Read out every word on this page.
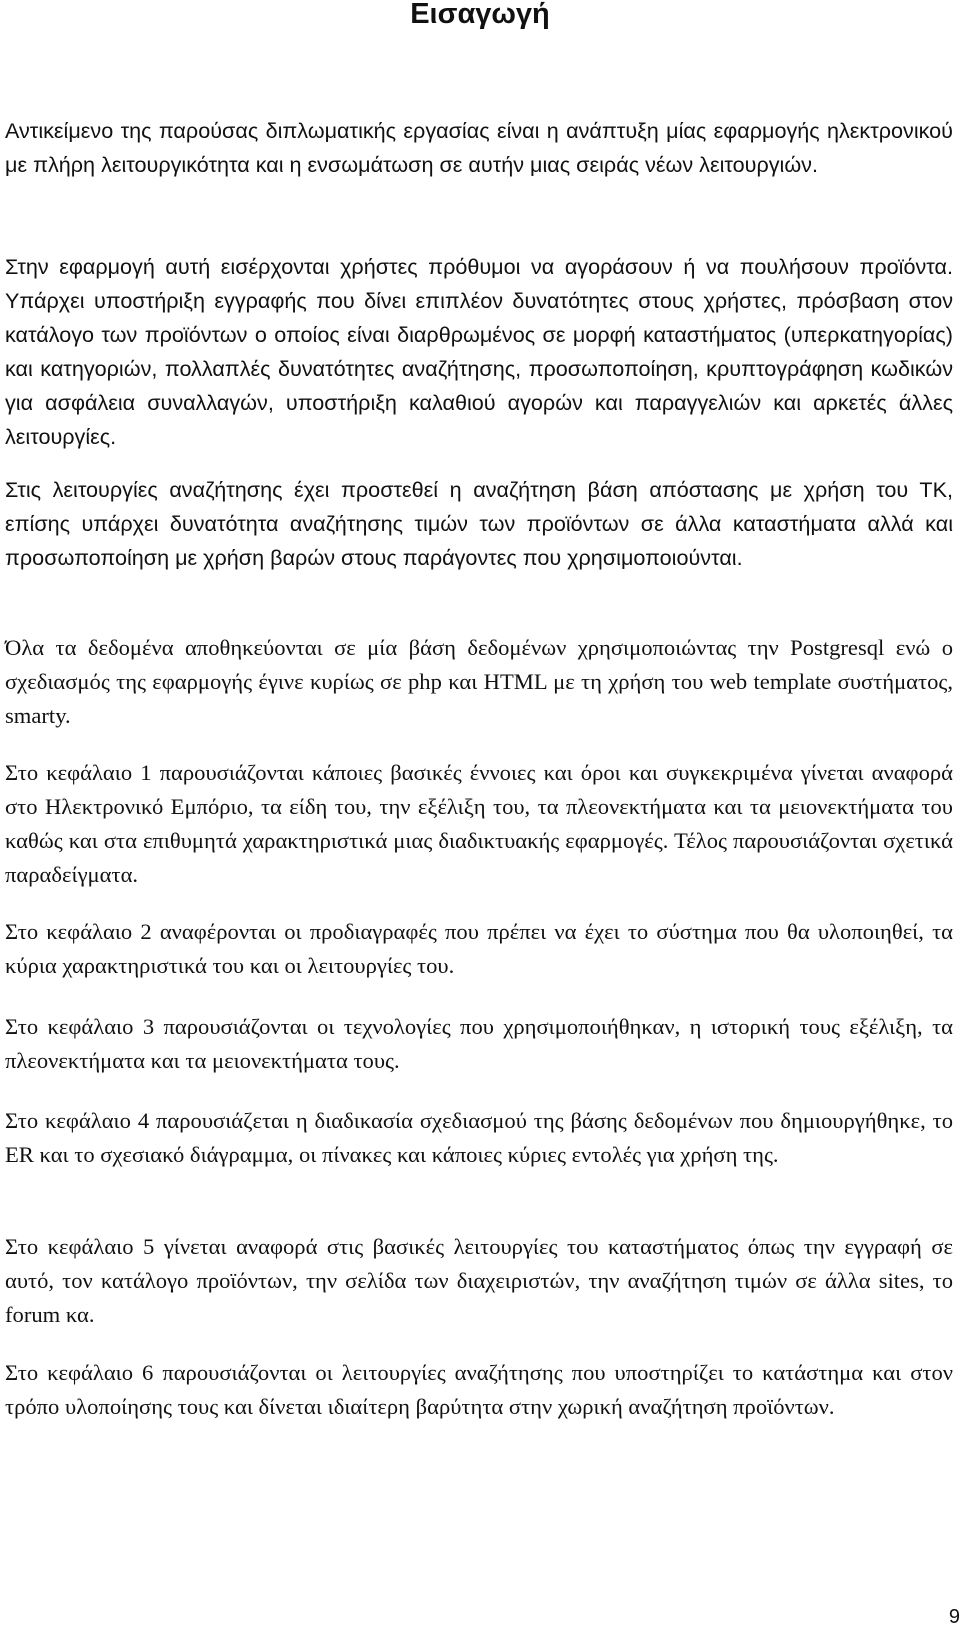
Εισαγωγή

Αντικείμενο της παρούσας διπλωματικής εργασίας είναι η ανάπτυξη μίας εφαρμογής ηλεκτρονικού με πλήρη λειτουργικότητα και η ενσωμάτωση σε αυτήν μιας σειράς νέων λειτουργιών.

Στην εφαρμογή αυτή εισέρχονται χρήστες πρόθυμοι να αγοράσουν ή να πουλήσουν προϊόντα. Υπάρχει υποστήριξη εγγραφής που δίνει επιπλέον δυνατότητες στους χρήστες, πρόσβαση στον κατάλογο των προϊόντων ο οποίος είναι διαρθρωμένος σε μορφή καταστήματος (υπερκατηγορίας) και κατηγοριών, πολλαπλές δυνατότητες αναζήτησης, προσωποποίηση, κρυπτογράφηση κωδικών για ασφάλεια συναλλαγών, υποστήριξη καλαθιού αγορών και παραγγελιών και αρκετές άλλες λειτουργίες.

Στις λειτουργίες αναζήτησης έχει προστεθεί η αναζήτηση βάση απόστασης με χρήση του ΤΚ, επίσης υπάρχει δυνατότητα αναζήτησης τιμών των προϊόντων σε άλλα καταστήματα αλλά και προσωποποίηση με χρήση βαρών στους παράγοντες που χρησιμοποιούνται.

Όλα τα δεδομένα αποθηκεύονται σε μία βάση δεδομένων χρησιμοποιώντας την Postgresql ενώ ο σχεδιασμός της εφαρμογής έγινε κυρίως σε php και HTML με τη χρήση του web template συστήματος, smarty.

Στο κεφάλαιο 1 παρουσιάζονται κάποιες βασικές έννοιες και όροι και συγκεκριμένα γίνεται αναφορά στο Ηλεκτρονικό Εμπόριο, τα είδη του, την εξέλιξη του, τα πλεονεκτήματα και τα μειονεκτήματα του καθώς και στα επιθυμητά χαρακτηριστικά μιας διαδικτυακής εφαρμογές. Τέλος παρουσιάζονται σχετικά παραδείγματα.

Στο κεφάλαιο 2 αναφέρονται οι προδιαγραφές που πρέπει να έχει το σύστημα που θα υλοποιηθεί, τα κύρια χαρακτηριστικά του και οι λειτουργίες του.

Στο κεφάλαιο 3 παρουσιάζονται οι τεχνολογίες που χρησιμοποιήθηκαν, η ιστορική τους εξέλιξη, τα πλεονεκτήματα και τα μειονεκτήματα τους.

Στο κεφάλαιο 4 παρουσιάζεται η διαδικασία σχεδιασμού της βάσης δεδομένων που δημιουργήθηκε, το ER και το σχεσιακό διάγραμμα, οι πίνακες και κάποιες κύριες εντολές για χρήση της.

Στο κεφάλαιο 5 γίνεται αναφορά στις βασικές λειτουργίες του καταστήματος όπως την εγγραφή σε αυτό, τον κατάλογο προϊόντων, την σελίδα των διαχειριστών, την αναζήτηση τιμών σε άλλα sites, το forum κα.

Στο κεφάλαιο 6 παρουσιάζονται οι λειτουργίες αναζήτησης που υποστηρίζει το κατάστημα και στον τρόπο υλοποίησης τους και δίνεται ιδιαίτερη βαρύτητα στην χωρική αναζήτηση προϊόντων.

9
